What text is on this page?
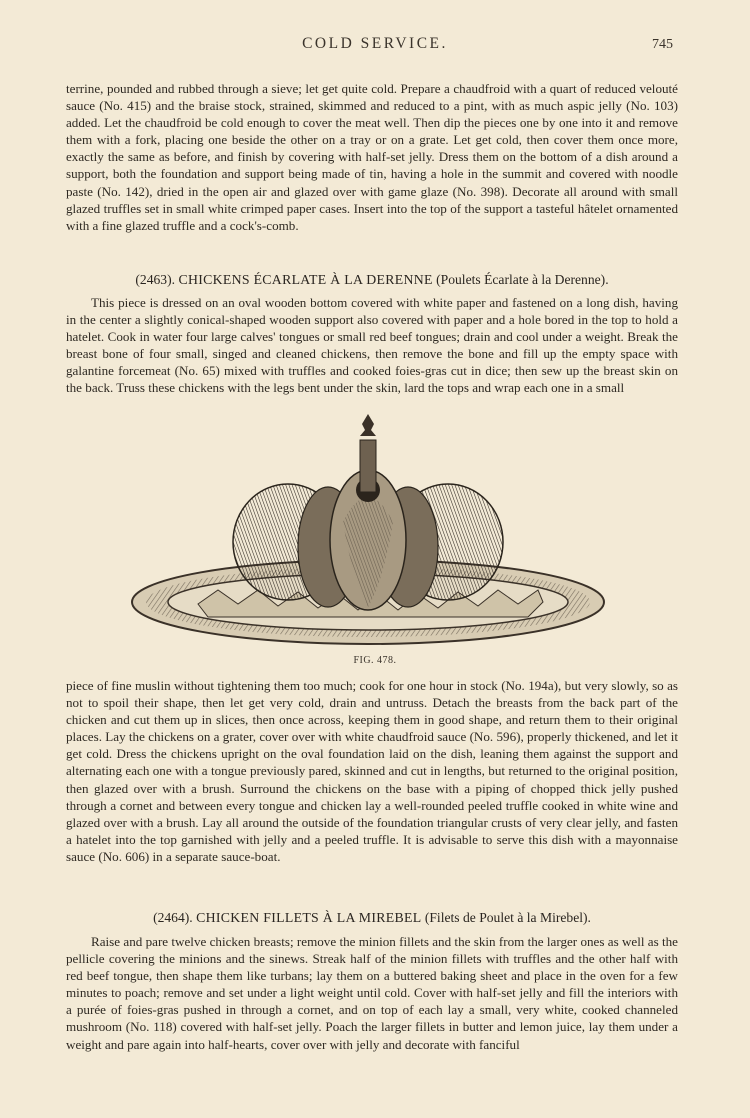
COLD SERVICE.	745

terrine, pounded and rubbed through a sieve; let get quite cold. Prepare a chaudfroid with a quart of reduced velouté sauce (No. 415) and the braise stock, strained, skimmed and reduced to a pint, with as much aspic jelly (No. 103) added. Let the chaudfroid be cold enough to cover the meat well. Then dip the pieces one by one into it and remove them with a fork, placing one beside the other on a tray or on a grate. Let get cold, then cover them once more, exactly the same as before, and finish by covering with half-set jelly. Dress them on the bottom of a dish around a support, both the foundation and support being made of tin, having a hole in the summit and covered with noodle paste (No. 142), dried in the open air and glazed over with game glaze (No. 398). Decorate all around with small glazed truffles set in small white crimped paper cases. Insert into the top of the support a tasteful hâtelet ornamented with a fine glazed truffle and a cock's-comb.

(2463). CHICKENS ÉCARLATE À LA DERENNE (Poulets Écarlate à la Derenne).

This piece is dressed on an oval wooden bottom covered with white paper and fastened on a long dish, having in the center a slightly conical-shaped wooden support also covered with paper and a hole bored in the top to hold a hatelet. Cook in water four large calves' tongues or small red beef tongues; drain and cool under a weight. Break the breast bone of four small, singed and cleaned chickens, then remove the bone and fill up the empty space with galantine forcemeat (No. 65) mixed with truffles and cooked foies-gras cut in dice; then sew up the breast skin on the back. Truss these chickens with the legs bent under the skin, lard the tops and wrap each one in a small

FIG. 478.

piece of fine muslin without tightening them too much; cook for one hour in stock (No. 194a), but very slowly, so as not to spoil their shape, then let get very cold, drain and untruss. Detach the breasts from the back part of the chicken and cut them up in slices, then once across, keeping them in good shape, and return them to their original places. Lay the chickens on a grater, cover over with white chaudfroid sauce (No. 596), properly thickened, and let it get cold. Dress the chickens upright on the oval foundation laid on the dish, leaning them against the support and alternating each one with a tongue previously pared, skinned and cut in lengths, but returned to the original position, then glazed over with a brush. Surround the chickens on the base with a piping of chopped thick jelly pushed through a cornet and between every tongue and chicken lay a well-rounded peeled truffle cooked in white wine and glazed over with a brush. Lay all around the outside of the foundation triangular crusts of very clear jelly, and fasten a hatelet into the top garnished with jelly and a peeled truffle. It is advisable to serve this dish with a mayonnaise sauce (No. 606) in a separate sauce-boat.

(2464). CHICKEN FILLETS À LA MIREBEL (Filets de Poulet à la Mirebel).

Raise and pare twelve chicken breasts; remove the minion fillets and the skin from the larger ones as well as the pellicle covering the minions and the sinews. Streak half of the minion fillets with truffles and the other half with red beef tongue, then shape them like turbans; lay them on a buttered baking sheet and place in the oven for a few minutes to poach; remove and set under a light weight until cold. Cover with half-set jelly and fill the interiors with a purée of foies-gras pushed in through a cornet, and on top of each lay a small, very white, cooked channeled mushroom (No. 118) covered with half-set jelly. Poach the larger fillets in butter and lemon juice, lay them under a weight and pare again into half-hearts, cover over with jelly and decorate with fanciful
